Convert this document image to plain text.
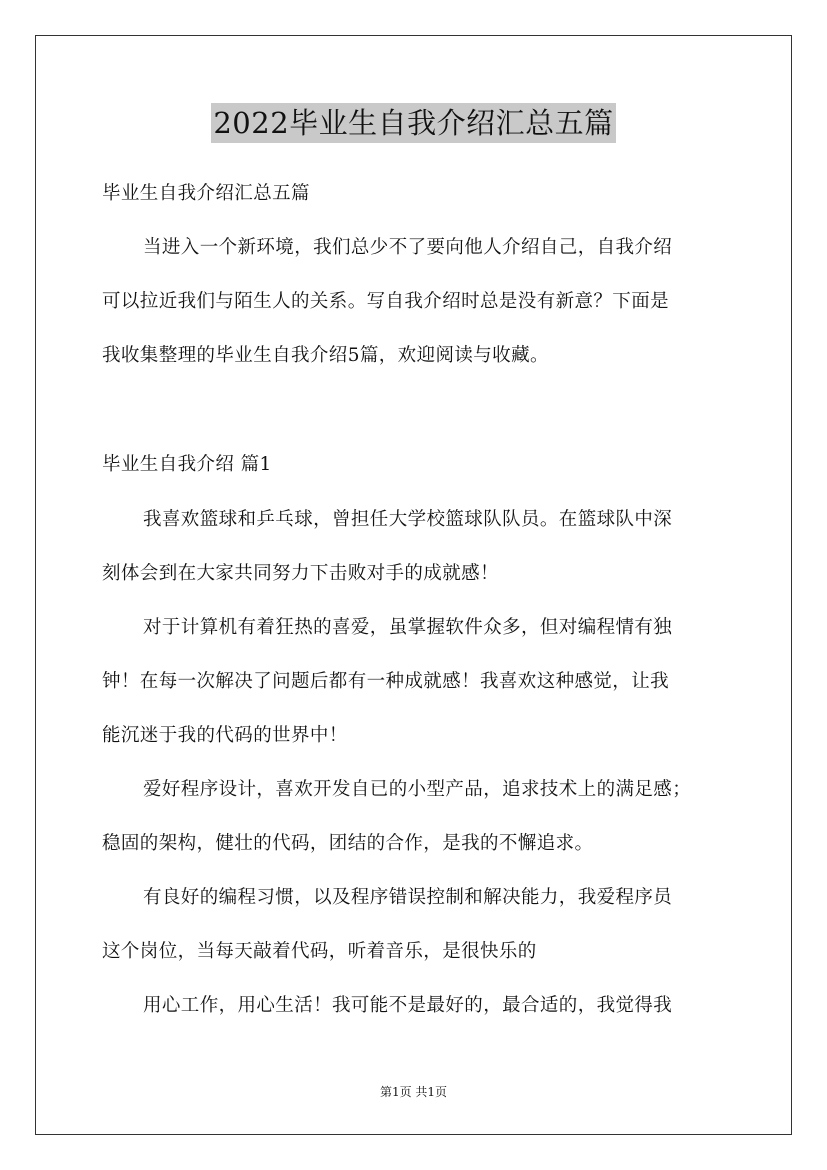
2022毕业生自我介绍汇总五篇
毕业生自我介绍汇总五篇
当进入一个新环境，我们总少不了要向他人介绍自己，自我介绍
可以拉近我们与陌生人的关系。写自我介绍时总是没有新意？下面是
我收集整理的毕业生自我介绍5篇，欢迎阅读与收藏。
毕业生自我介绍 篇1
我喜欢篮球和乒乓球，曾担任大学校篮球队队员。在篮球队中深
刻体会到在大家共同努力下击败对手的成就感！
对于计算机有着狂热的喜爱，虽掌握软件众多，但对编程情有独
钟！在每一次解决了问题后都有一种成就感！我喜欢这种感觉，让我
能沉迷于我的代码的世界中！
爱好程序设计，喜欢开发自已的小型产品，追求技术上的满足感；
稳固的架构，健壮的代码，团结的合作，是我的不懈追求。
有良好的编程习惯，以及程序错误控制和解决能力，我爱程序员
这个岗位，当每天敲着代码，听着音乐，是很快乐的
用心工作，用心生活！我可能不是最好的，最合适的，我觉得我
第1页 共1页
